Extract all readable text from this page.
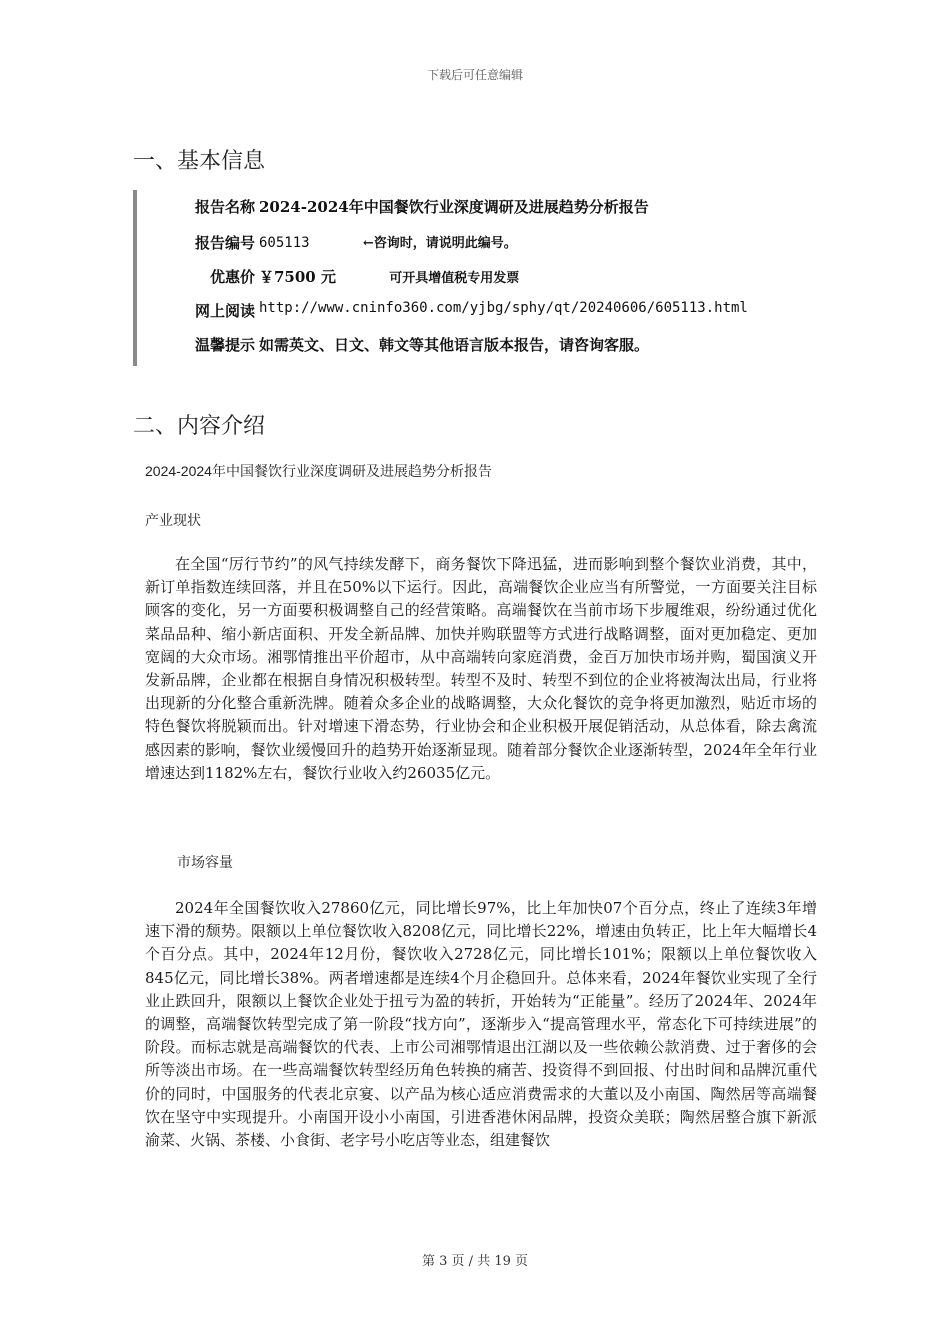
下载后可任意编辑
一、基本信息
报告名称 2024-2024年中国餐饮行业深度调研及进展趋势分析报告
报告编号 605113	←咨询时，请说明此编号。
优惠价 ￥7500 元	可开具增值税专用发票
网上阅读 http://www.cninfo360.com/yjbg/sphy/qt/20240606/605113.html
温馨提示 如需英文、日文、韩文等其他语言版本报告，请咨询客服。
二、内容介绍
2024-2024年中国餐饮行业深度调研及进展趋势分析报告
产业现状

在全国“厉行节约”的风气持续发酵下，商务餐饮下降迅猛，进而影响到整个餐饮业消费，其中，新订单指数连续回落，并且在50%以下运行。因此，高端餐饮企业应当有所警觉，一方面要关注目标顾客的变化，另一方面要积极调整自己的经营策略。高端餐饮在当前市场下步履维艰，纷纷通过优化菜品品种、缩小新店面积、开发全新品牌、加快并购联盟等方式进行战略调整，面对更加稳定、更加宽阔的大众市场。湘鄂情推出平价超市，从中高端转向家庭消费，金百万加快市场并购，蜀国演义开发新品牌，企业都在根据自身情况积极转型。转型不及时、转型不到位的企业将被淘汰出局，行业将出现新的分化整合重新洗牌。随着众多企业的战略调整，大众化餐饮的竞争将更加激烈，贴近市场的特色餐饮将脱颖而出。针对增速下滑态势，行业协会和企业积极开展促销活动，从总体看，除去禽流感因素的影响，餐饮业缓慢回升的趋势开始逐渐显现。随着部分餐饮企业逐渐转型，2024年全年行业增速达到1182%左右，餐饮行业收入约26035亿元。

市场容量

2024年全国餐饮收入27860亿元，同比增长97%，比上年加快07个百分点，终止了连续3年增速下滑的颓势。限额以上单位餐饮收入8208亿元，同比增长22%，增速由负转正，比上年大幅增长4个百分点。其中，2024年12月份，餐饮收入2728亿元，同比增长101%；限额以上单位餐饮收入845亿元，同比增长38%。两者增速都是连续4个月企稳回升。总体来看，2024年餐饮业实现了全行业止跌回升，限额以上餐饮企业处于扭亏为盈的转折，开始转为“正能量”。经历了2024年、2024年的调整，高端餐饮转型完成了第一阶段“找方向”，逐渐步入“提高管理水平，常态化下可持续进展”的阶段。而标志就是高端餐饮的代表、上市公司湘鄂情退出江湖以及一些依赖公款消费、过于奢侈的会所等淡出市场。在一些高端餐饮转型经历角色转换的痛苦、投资得不到回报、付出时间和品牌沉重代价的同时，中国服务的代表北京宴、以产品为核心适应消费需求的大董以及小南国、陶然居等高端餐饮在坚守中实现提升。小南国开设小小南国，引进香港休闲品牌，投资众美联；陶然居整合旗下新派渝菜、火锅、茶楼、小食街、老字号小吃店等业态，组建餐饮

第 3 页 / 共 19 页
